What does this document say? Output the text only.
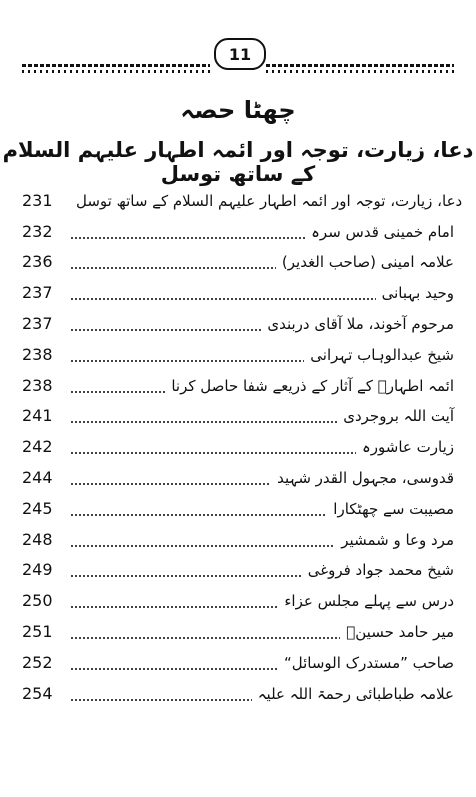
11
چھٹا حصہ
دعا، زیارت، توجہ اور ائمہ اطہار علیہم السلام کے ساتھ توسل
231	دعا، زیارت، توجہ اور ائمہ اطہار علیہم السلام کے ساتھ توسل
232	امام خمینی قدس سرہ
236	علامہ امینی (صاحب الغدیر)
237	وحید بہبانی
237	مرحوم آخوند، ملا آقای دربندی
238	شیخ عبدالوہاب تہرانی
238	ائمہ اطہارؑ کے آثار کے ذریعے شفا حاصل کرنا
241	آیت اللہ بروجردی
242	زیارت عاشورہ
244	قدوسی، مجہول القدر شہید
245	مصیبت سے چھٹکارا
248	مرد وعا و شمشیر
249	شیخ محمد جواد فروغی
250	درس سے پہلے مجلس عزاء
251	میر حامد حسینؒ
252	صاحب ”مستدرک الوسائل“
254	علامہ طباطبائی رحمۃ اللہ علیہ
